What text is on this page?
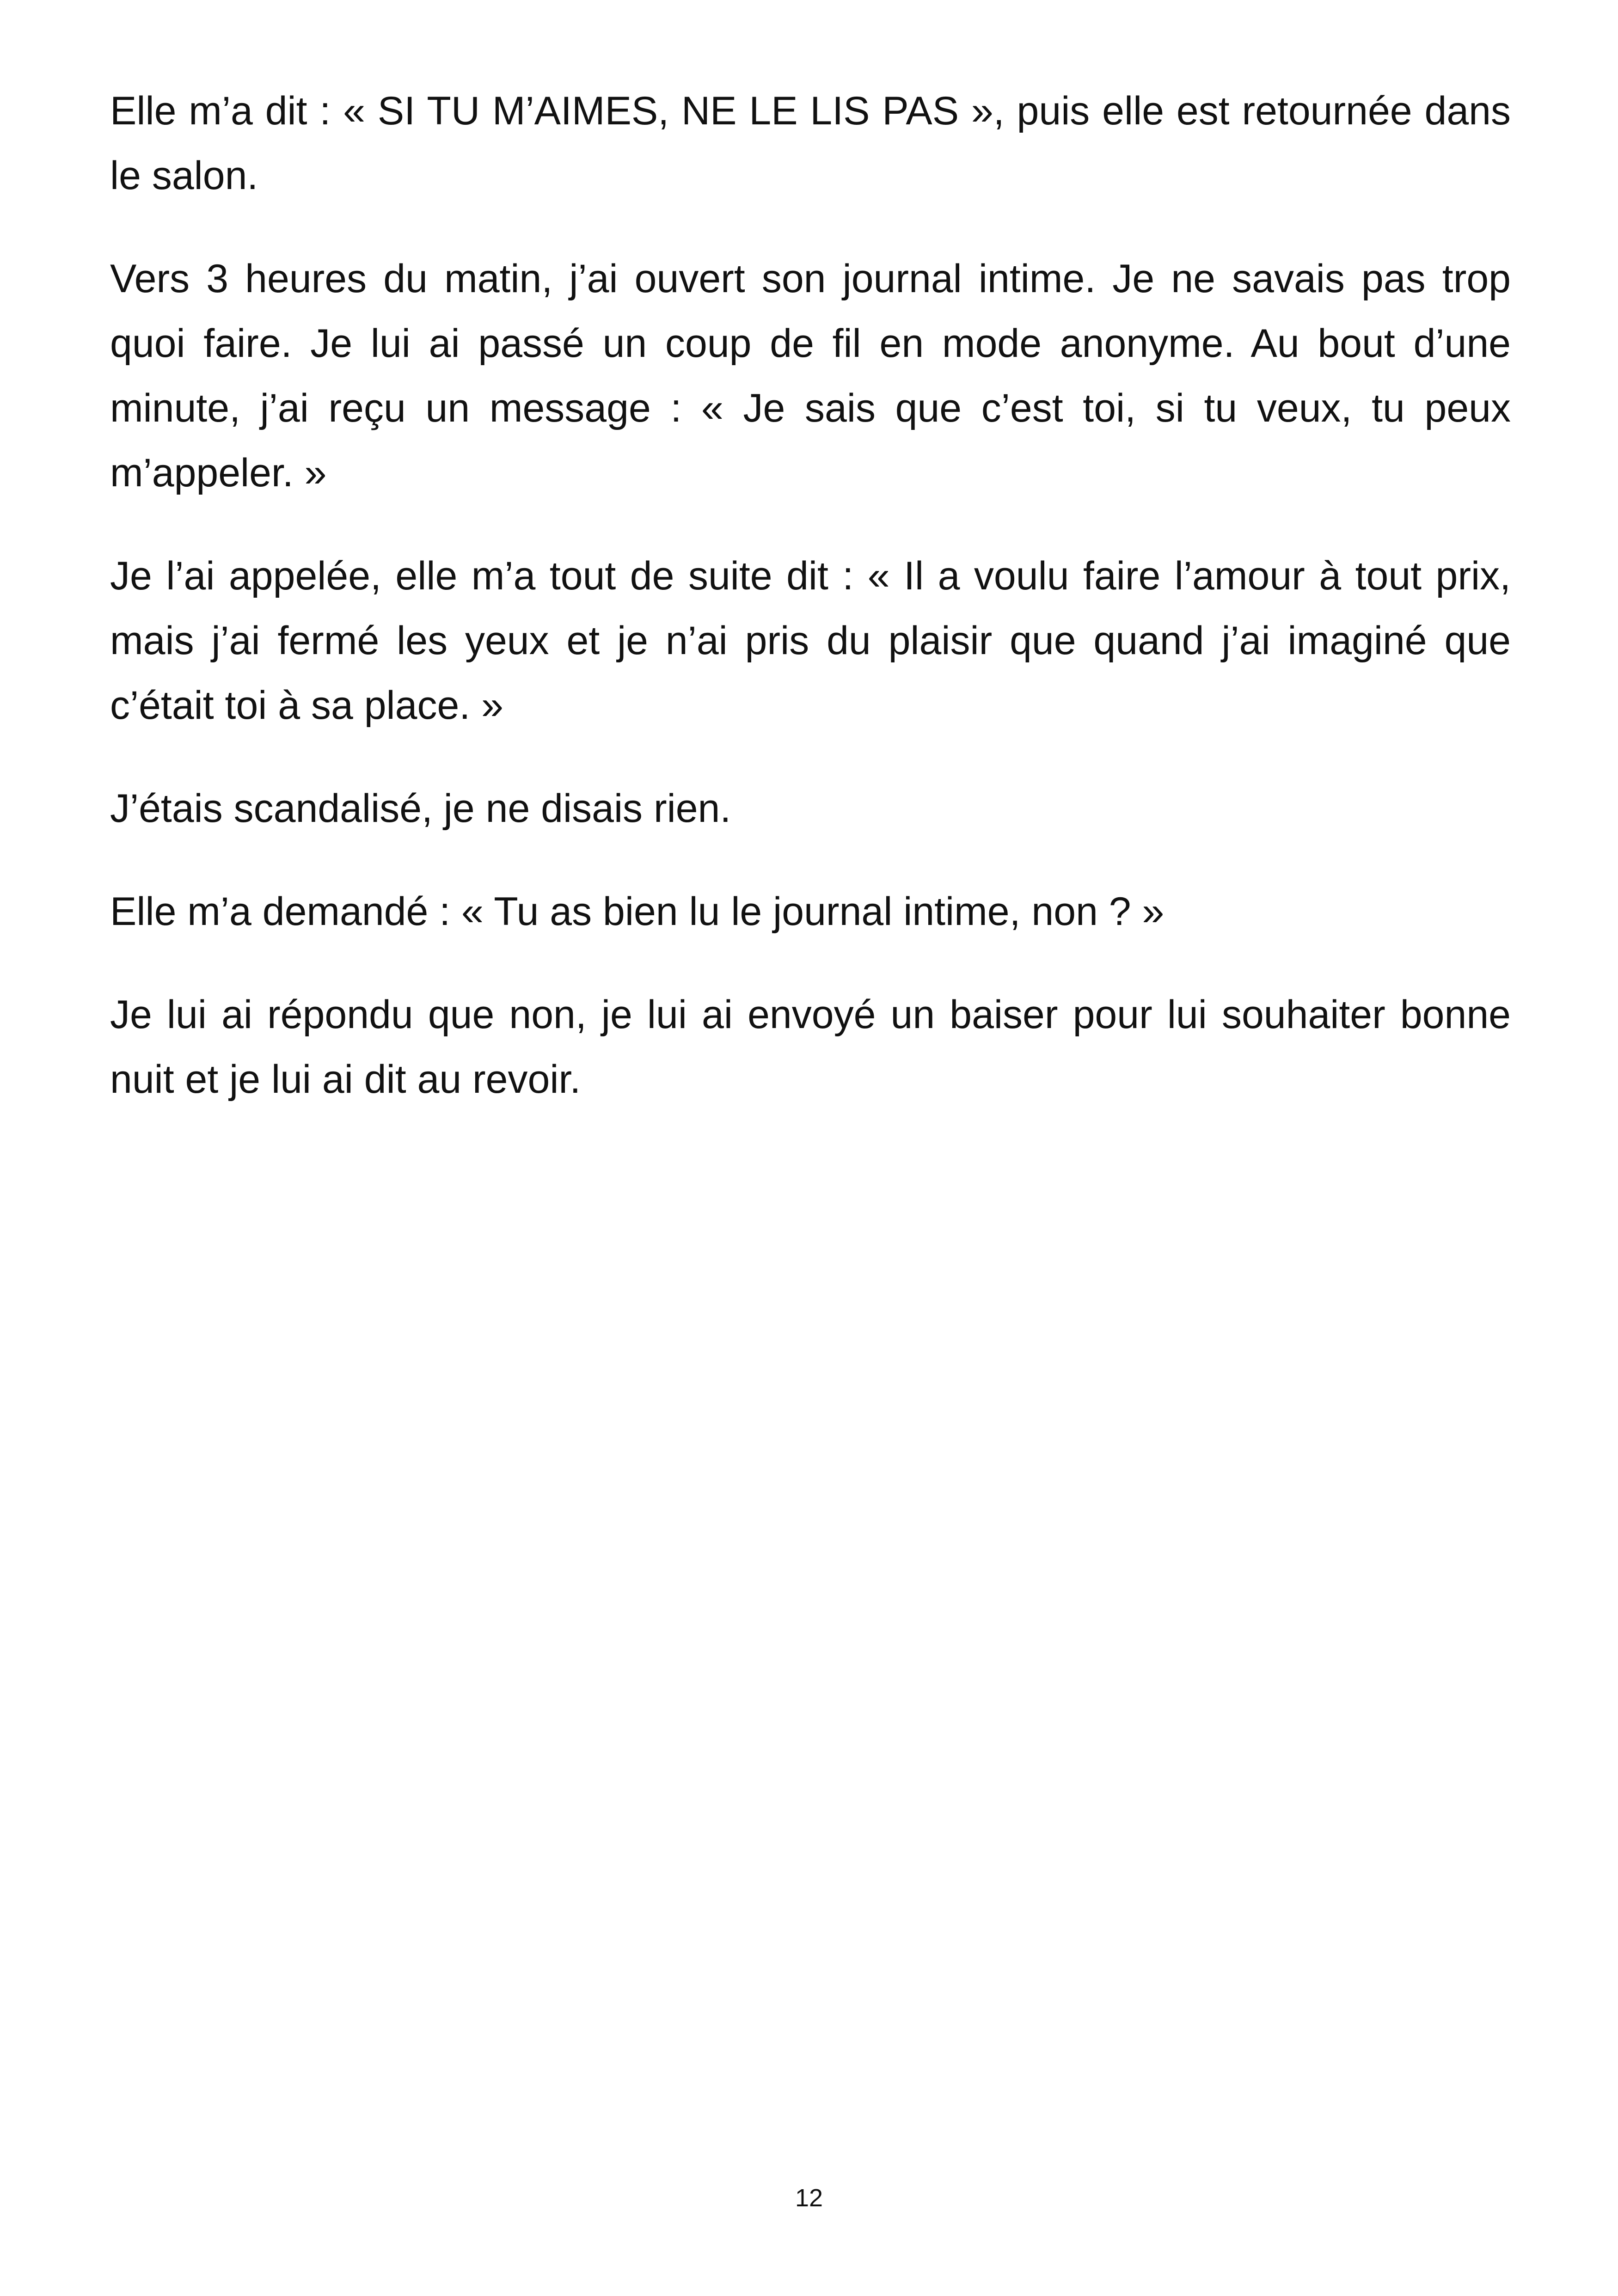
Elle m’a dit : « SI TU M’AIMES, NE LE LIS PAS », puis elle est retournée dans le salon.

Vers 3 heures du matin, j’ai ouvert son journal intime. Je ne savais pas trop quoi faire. Je lui ai passé un coup de fil en mode anonyme. Au bout d’une minute, j’ai reçu un message : « Je sais que c’est toi, si tu veux, tu peux m’appeler. »

Je l’ai appelée, elle m’a tout de suite dit : « Il a voulu faire l’amour à tout prix, mais j’ai fermé les yeux et je n’ai pris du plaisir que quand j’ai imaginé que c’était toi à sa place. »

J’étais scandalisé, je ne disais rien.

Elle m’a demandé : « Tu as bien lu le journal intime, non ? »

Je lui ai répondu que non, je lui ai envoyé un baiser pour lui souhaiter bonne nuit et je lui ai dit au revoir.

12
